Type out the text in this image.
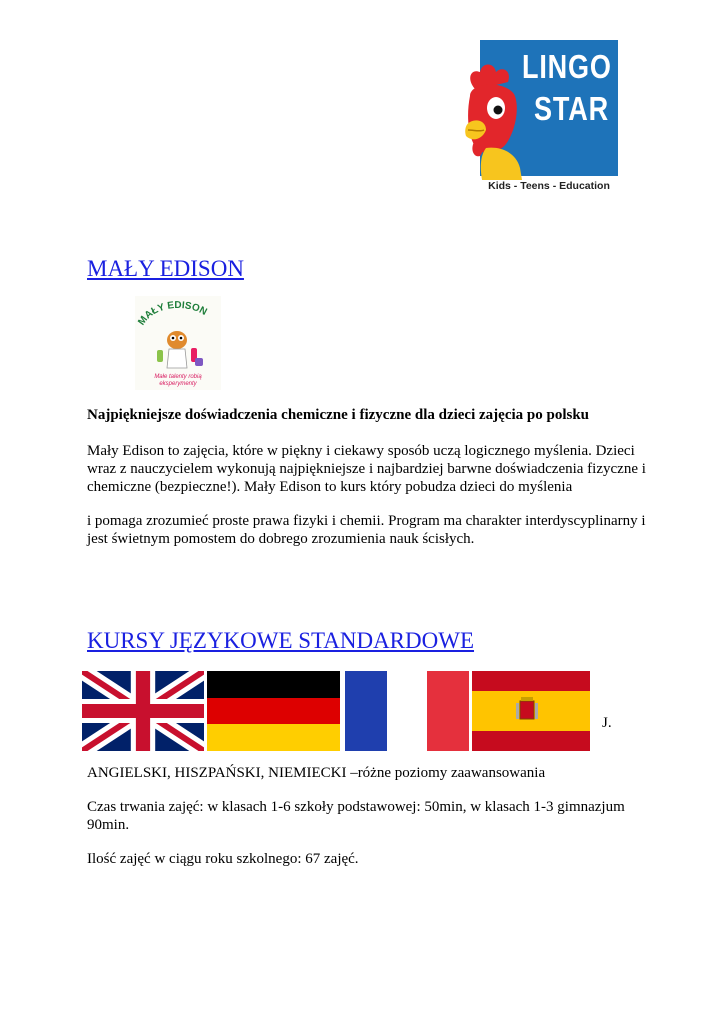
LINGO
STAR
Kids - Teens - Education
MAŁY EDISON
MAŁY EDISON
Małe talenty robią
eksperymenty

Najpiękniejsze doświadczenia chemiczne i fizyczne dla dzieci zajęcia po polsku

Mały Edison to zajęcia, które w piękny i ciekawy sposób uczą logicznego myślenia. Dzieci

wraz z nauczycielem wykonują najpiękniejsze i najbardziej barwne doświadczenia fizyczne i

chemiczne (bezpieczne!). Mały Edison to kurs który pobudza dzieci do myślenia

i pomaga zrozumieć proste prawa fizyki i chemii. Program ma charakter interdyscyplinarny i

jest świetnym pomostem do dobrego zrozumienia nauk ścisłych.

KURSY JĘZYKOWE STANDARDOWE

J.

ANGIELSKI, HISZPAŃSKI, NIEMIECKI –różne poziomy zaawansowania

Czas trwania zajęć: w klasach 1-6 szkoły podstawowej: 50min, w klasach 1-3 gimnazjum

90min.

Ilość zajęć w ciągu roku szkolnego: 67 zajęć.
